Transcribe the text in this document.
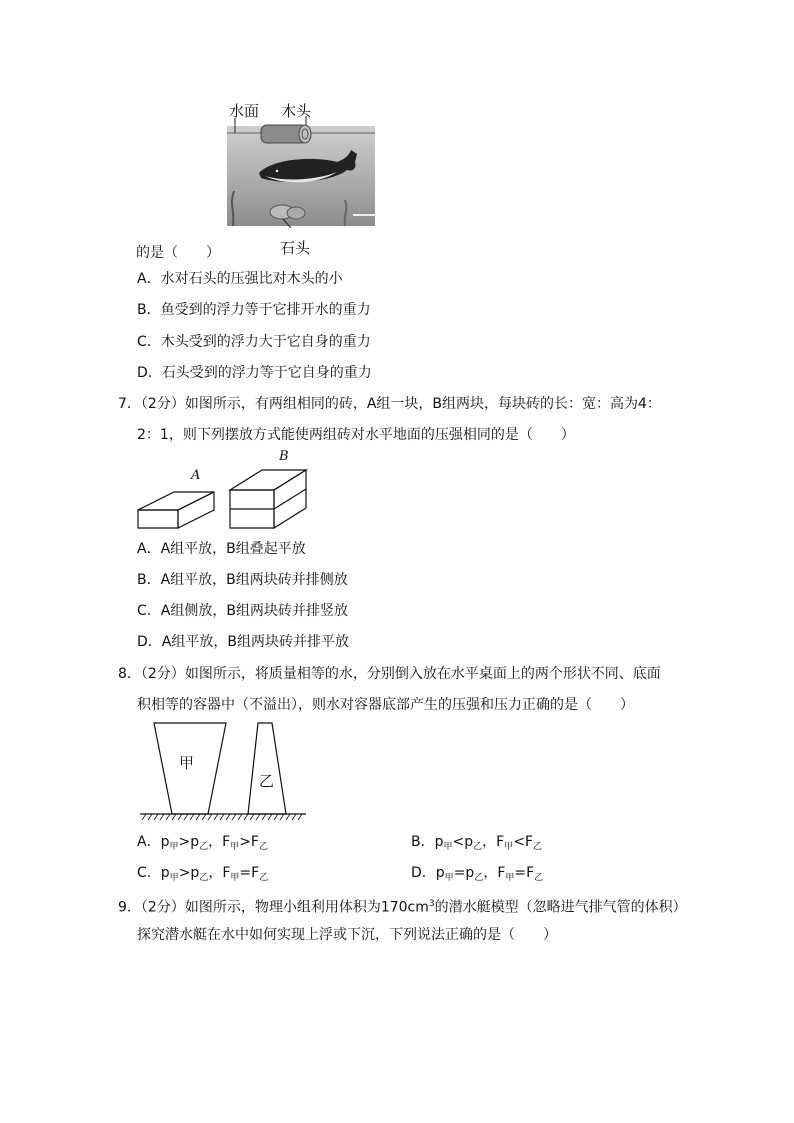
水面 木头
石头
的是（　　）
A．水对石头的压强比对木头的小
B．鱼受到的浮力等于它排开水的重力
C．木头受到的浮力大于它自身的重力
D．石头受到的浮力等于它自身的重力
7．（2分）如图所示，有两组相同的砖，A组一块，B组两块，每块砖的长：宽：高为4：
2：1，则下列摆放方式能使两组砖对水平地面的压强相同的是（　　）
A
B
A．A组平放，B组叠起平放
B．A组平放，B组两块砖并排侧放
C．A组侧放，B组两块砖并排竖放
D．A组平放，B组两块砖并排平放
8．（2分）如图所示，将质量相等的水，分别倒入放在水平桌面上的两个形状不同、底面
积相等的容器中（不溢出），则水对容器底部产生的压强和压力正确的是（　　）
甲
乙
A．$p_甲>p_乙$，$F_甲>F_乙$	B．$p_甲<p_乙$，$F_甲<F_乙$
C．$p_甲>p_乙$，$F_甲=F_乙$	D．$p_甲=p_乙$，$F_甲=F_乙$
9．（2分）如图所示，物理小组利用体积为$170cm^3$的潜水艇模型（忽略进气排气管的体积）
探究潜水艇在水中如何实现上浮或下沉，下列说法正确的是（　　）
